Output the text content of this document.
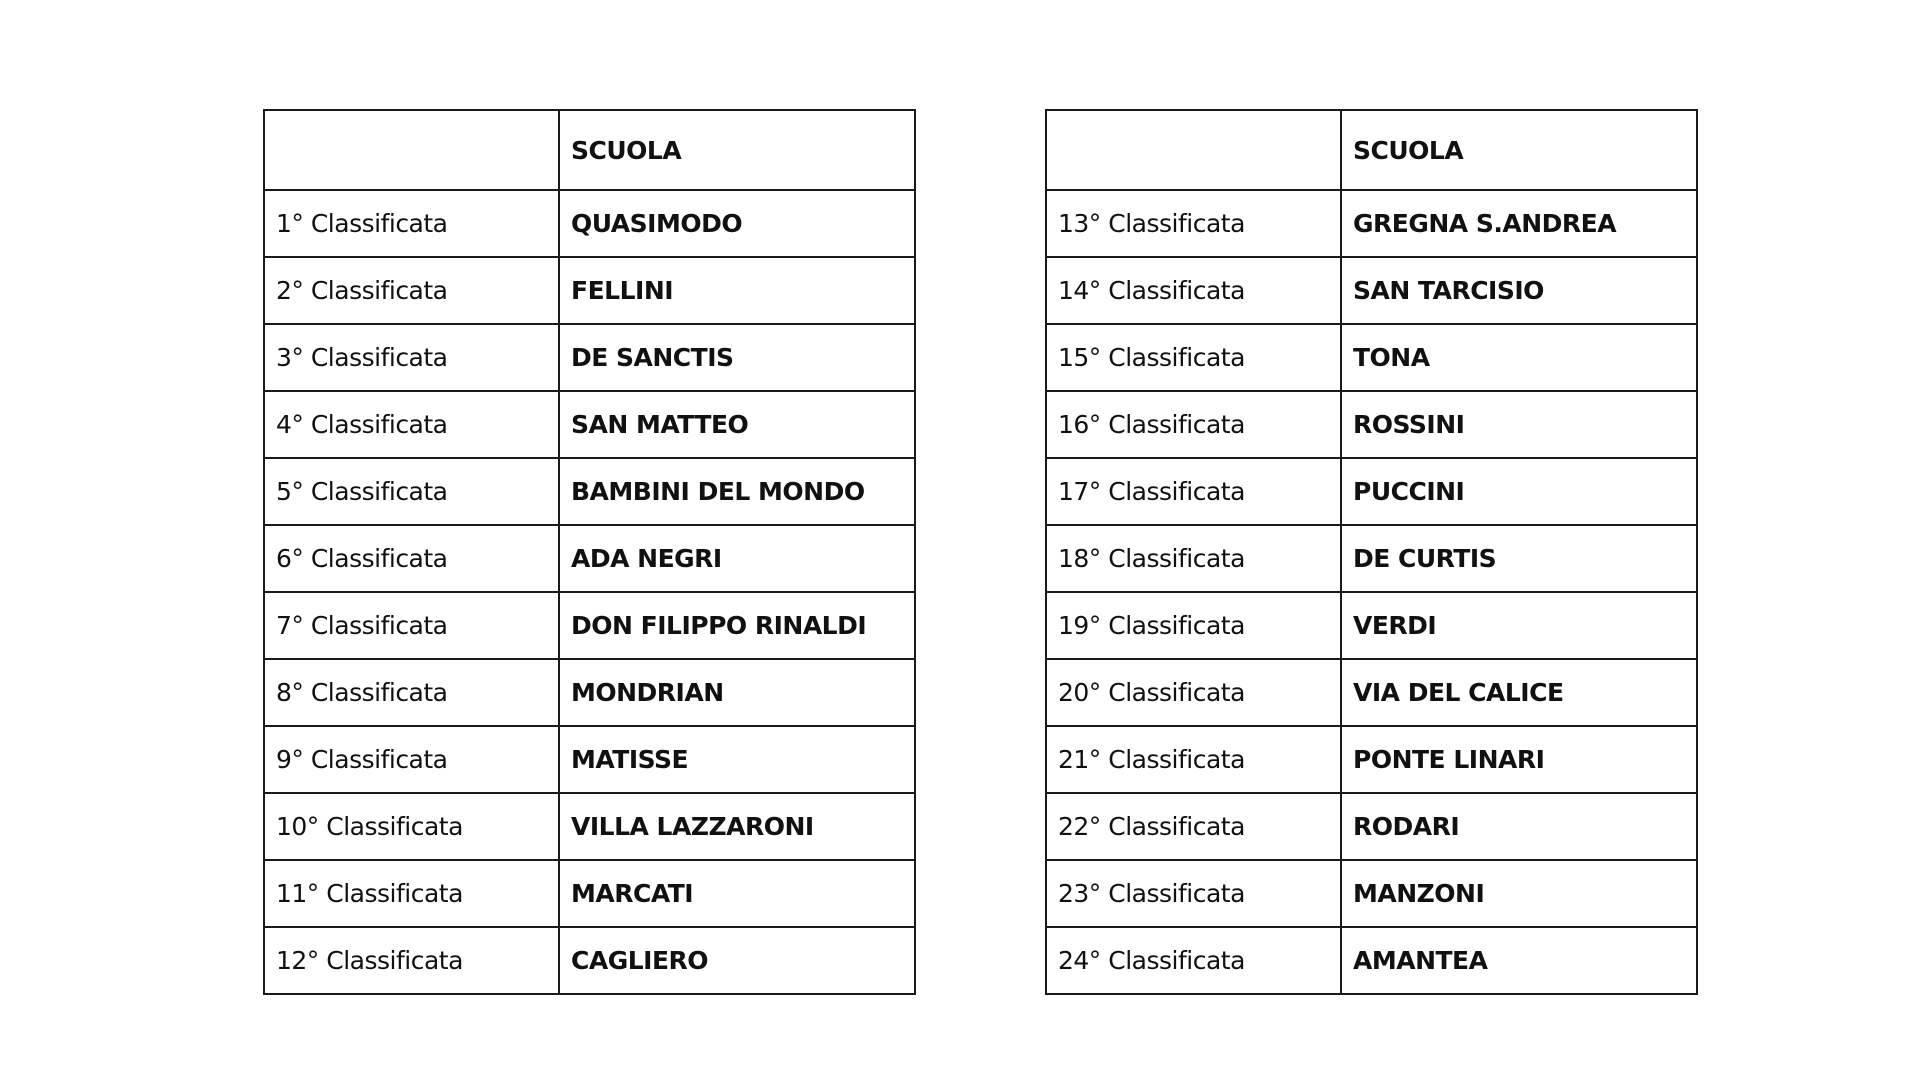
	SCUOLA
1° Classificata	QUASIMODO
2° Classificata	FELLINI
3° Classificata	DE SANCTIS
4° Classificata	SAN MATTEO
5° Classificata	BAMBINI DEL MONDO
6° Classificata	ADA NEGRI
7° Classificata	DON FILIPPO RINALDI
8° Classificata	MONDRIAN
9° Classificata	MATISSE
10° Classificata	VILLA LAZZARONI
11° Classificata	MARCATI
12° Classificata	CAGLIERO
	SCUOLA
13° Classificata	GREGNA S.ANDREA
14° Classificata	SAN TARCISIO
15° Classificata	TONA
16° Classificata	ROSSINI
17° Classificata	PUCCINI
18° Classificata	DE CURTIS
19° Classificata	VERDI
20° Classificata	VIA DEL CALICE
21° Classificata	PONTE LINARI
22° Classificata	RODARI
23° Classificata	MANZONI
24° Classificata	AMANTEA
